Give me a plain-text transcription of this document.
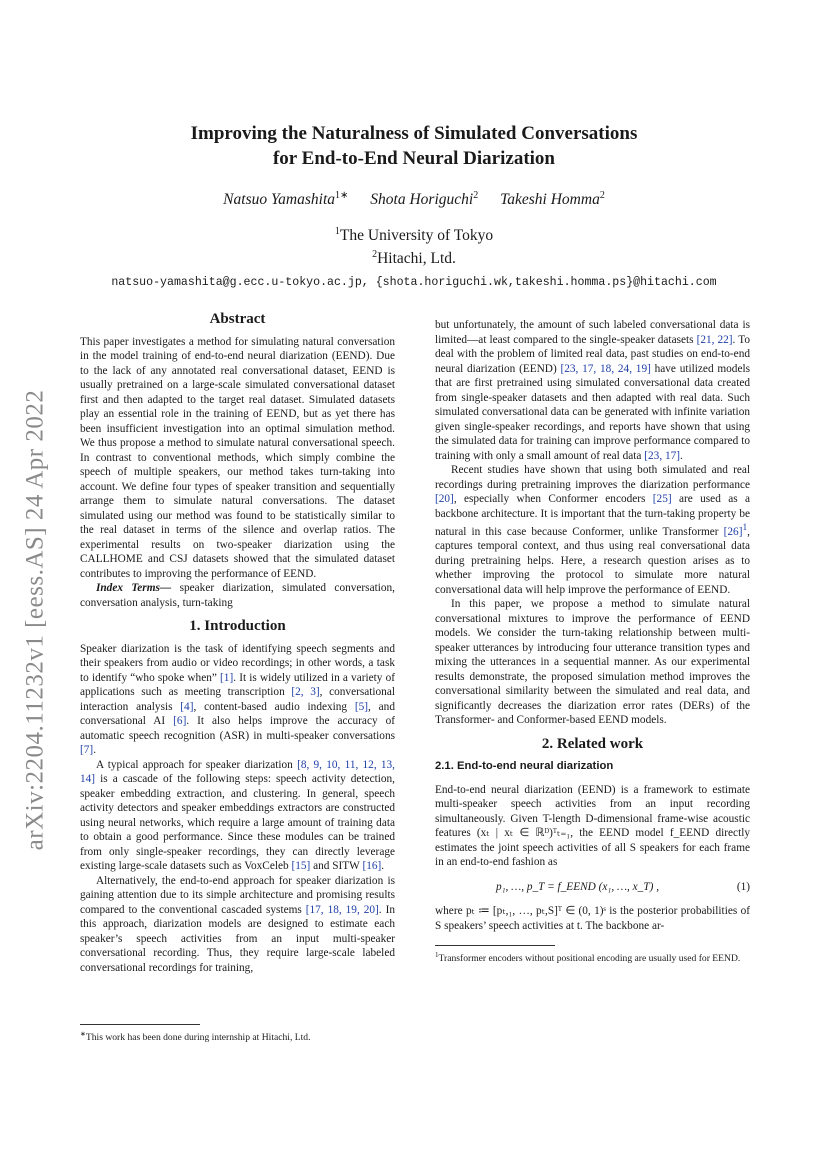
arXiv:2204.11232v1 [eess.AS] 24 Apr 2022
Improving the Naturalness of Simulated Conversations
for End-to-End Neural Diarization
Natsuo Yamashita$^{1∗}$ Shota Horiguchi$^2$ Takeshi Homma$^2$
$^1$The University of Tokyo
$^2$Hitachi, Ltd.
natsuo-yamashita@g.ecc.u-tokyo.ac.jp, {shota.horiguchi.wk,takeshi.homma.ps}@hitachi.com
Abstract

This paper investigates a method for simulating natural conversation in the model training of end-to-end neural diarization (EEND). Due to the lack of any annotated real conversational dataset, EEND is usually pretrained on a large-scale simulated conversational dataset first and then adapted to the target real dataset. Simulated datasets play an essential role in the training of EEND, but as yet there has been insufficient investigation into an optimal simulation method. We thus propose a method to simulate natural conversational speech. In contrast to conventional methods, which simply combine the speech of multiple speakers, our method takes turn-taking into account. We define four types of speaker transition and sequentially arrange them to simulate natural conversations. The dataset simulated using our method was found to be statistically similar to the real dataset in terms of the silence and overlap ratios. The experimental results on two-speaker diarization using the CALLHOME and CSJ datasets showed that the simulated dataset contributes to improving the performance of EEND.

Index Terms— speaker diarization, simulated conversation, conversation analysis, turn-taking

1. Introduction

Speaker diarization is the task of identifying speech segments and their speakers from audio or video recordings; in other words, a task to identify “who spoke when” [1]. It is widely utilized in a variety of applications such as meeting transcription [2, 3], conversational interaction analysis [4], content-based audio indexing [5], and conversational AI [6]. It also helps improve the accuracy of automatic speech recognition (ASR) in multi-speaker conversations [7].

A typical approach for speaker diarization [8, 9, 10, 11, 12, 13, 14] is a cascade of the following steps: speech activity detection, speaker embedding extraction, and clustering. In general, speech activity detectors and speaker embeddings extractors are constructed using neural networks, which require a large amount of training data to obtain a good performance. Since these modules can be trained from only single-speaker recordings, they can directly leverage existing large-scale datasets such as VoxCeleb [15] and SITW [16].

Alternatively, the end-to-end approach for speaker diarization is gaining attention due to its simple architecture and promising results compared to the conventional cascaded systems [17, 18, 19, 20]. In this approach, diarization models are designed to estimate each speaker’s speech activities from an input multi-speaker conversational recording. Thus, they require large-scale labeled conversational recordings for training,

∗This work has been done during internship at Hitachi, Ltd.

but unfortunately, the amount of such labeled conversational data is limited—at least compared to the single-speaker datasets [21, 22]. To deal with the problem of limited real data, past studies on end-to-end neural diarization (EEND) [23, 17, 18, 24, 19] have utilized models that are first pretrained using simulated conversational data created from single-speaker datasets and then adapted with real data. Such simulated conversational data can be generated with infinite variation given single-speaker recordings, and reports have shown that using the simulated data for training can improve performance compared to training with only a small amount of real data [23, 17].

Recent studies have shown that using both simulated and real recordings during pretraining improves the diarization performance [20], especially when Conformer encoders [25] are used as a backbone architecture. It is important that the turn-taking property be natural in this case because Conformer, unlike Transformer [26]$^1$, captures temporal context, and thus using real conversational data during pretraining helps. Here, a research question arises as to whether improving the protocol to simulate more natural conversational data will help improve the performance of EEND.

In this paper, we propose a method to simulate natural conversational mixtures to improve the performance of EEND models. We consider the turn-taking relationship between multi-speaker utterances by introducing four utterance transition types and mixing the utterances in a sequential manner. As our experimental results demonstrate, the proposed simulation method improves the conversational similarity between the simulated and real data, and significantly decreases the diarization error rates (DERs) of the Transformer- and Conformer-based EEND models.

2. Related work
2.1. End-to-end neural diarization

End-to-end neural diarization (EEND) is a framework to estimate multi-speaker speech activities from an input recording simultaneously. Given T-length D-dimensional frame-wise acoustic features (xₜ | xₜ ∈ ℝᴰ)ᵀₜ₌₁, the EEND model f_EEND directly estimates the joint speech activities of all S speakers for each frame in an end-to-end fashion as

p₁, …, p_T = f_EEND (x₁, …, x_T) ,	(1)

where pₜ ≔ [pₜ,₁, …, pₜ,S]ᵀ ∈ (0, 1)ˢ is the posterior probabilities of S speakers’ speech activities at t. The backbone ar-

$^1$Transformer encoders without positional encoding are usually used for EEND.
